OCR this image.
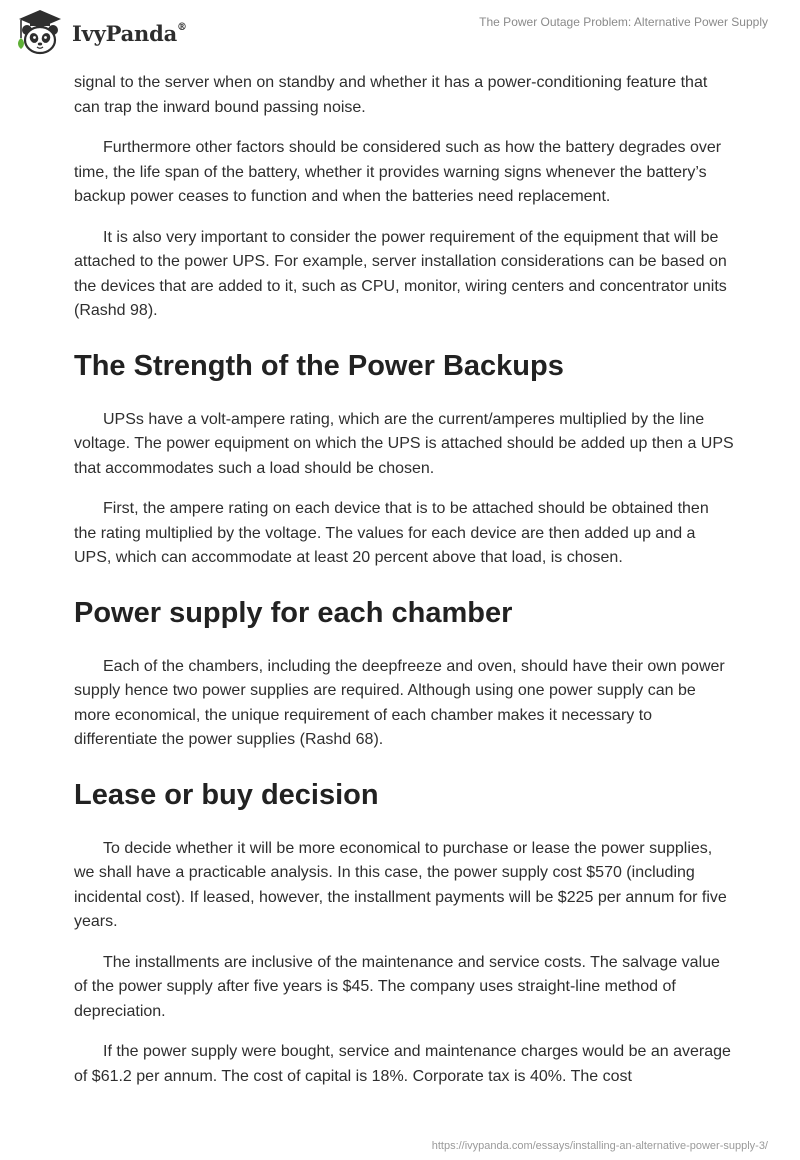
IvyPanda®	The Power Outage Problem: Alternative Power Supply

signal to the server when on standby and whether it has a power-conditioning feature that can trap the inward bound passing noise.

Furthermore other factors should be considered such as how the battery degrades over time, the life span of the battery, whether it provides warning signs whenever the battery’s backup power ceases to function and when the batteries need replacement.

It is also very important to consider the power requirement of the equipment that will be attached to the power UPS. For example, server installation considerations can be based on the devices that are added to it, such as CPU, monitor, wiring centers and concentrator units (Rashd 98).

The Strength of the Power Backups

UPSs have a volt-ampere rating, which are the current/amperes multiplied by the line voltage. The power equipment on which the UPS is attached should be added up then a UPS that accommodates such a load should be chosen.

First, the ampere rating on each device that is to be attached should be obtained then the rating multiplied by the voltage. The values for each device are then added up and a UPS, which can accommodate at least 20 percent above that load, is chosen.

Power supply for each chamber

Each of the chambers, including the deepfreeze and oven, should have their own power supply hence two power supplies are required. Although using one power supply can be more economical, the unique requirement of each chamber makes it necessary to differentiate the power supplies (Rashd 68).

Lease or buy decision

To decide whether it will be more economical to purchase or lease the power supplies, we shall have a practicable analysis. In this case, the power supply cost $570 (including incidental cost). If leased, however, the installment payments will be $225 per annum for five years.

The installments are inclusive of the maintenance and service costs. The salvage value of the power supply after five years is $45. The company uses straight-line method of depreciation.

If the power supply were bought, service and maintenance charges would be an average of $61.2 per annum. The cost of capital is 18%. Corporate tax is 40%. The cost

https://ivypanda.com/essays/installing-an-alternative-power-supply-3/
